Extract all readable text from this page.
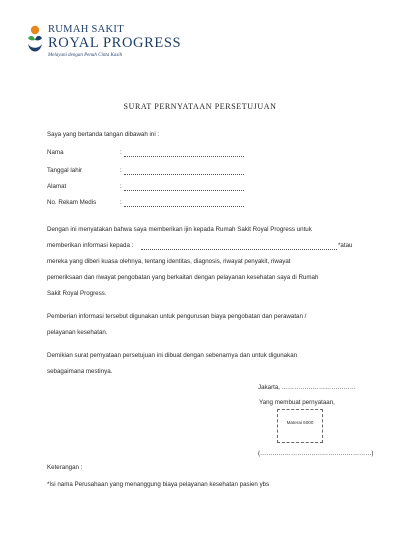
RUMAH SAKIT
ROYAL PROGRESS
Melayani dengan Penuh Cinta Kasih
SURAT PERNYATAAN PERSETUJUAN
Saya yang bertanda tangan dibawah ini :
Nama	:
Tanggal lahir	:
Alamat	:
No. Rekam Medis	:
Dengan ini menyatakan bahwa saya memberikan ijin kepada Rumah Sakit Royal Progress untuk
memberikan informasi kepada :	*atau
mereka yang diberi kuasa olehnya, tentang identitas, diagnosis, riwayat penyakit, riwayat
pemeriksaan dan riwayat pengobatan yang berkaitan dengan pelayanan kesehatan saya di Rumah
Sakit Royal Progress.
Pemberian informasi tersebut digunakan untuk pengurusan biaya pengobatan dan perawatan /
pelayanan kesehatan.
Demikian surat pernyataan persetujuan ini dibuat dengan sebenarnya dan untuk digunakan
sebagaimana mestinya.
Jakarta, ………………………………
Yang membuat pernyataan,
Materai 6000
(………………………………………………)
Keterangan :
*Isi nama Perusahaan yang menanggung biaya pelayanan kesehatan pasien ybs
